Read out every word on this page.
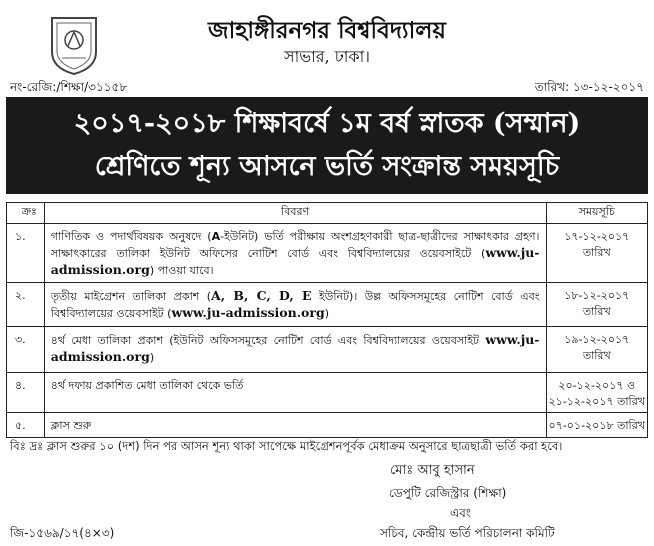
জাহাঙ্গীরনগর বিশ্ববিদ্যালয়
সাভার, ঢাকা।
নং-রেজি:/শিক্ষা/৩১১৫৮	তারিখ: ১৩-১২-২০১৭
২০১৭-২০১৮ শিক্ষাবর্ষে ১ম বর্ষ স্নাতক (সম্মান)
শ্রেণিতে শূন্য আসনে ভর্তি সংক্রান্ত সময়সূচি
ক্রঃ	বিবরণ	সময়সূচি
১.	গাণিতিক ও পদার্থবিষয়ক অনুষদে (A-ইউনিট) ভর্তি পরীক্ষায় অংশগ্রহণকারী ছাত্র-ছাত্রীদের সাক্ষাৎকার গ্রহণ। সাক্ষাৎকারের তালিকা ইউনিট অফিসের নোটিশ বোর্ড এবং বিশ্ববিদ্যালয়ের ওয়েবসাইটে (www.ju-admission.org) পাওয়া যাবে।	১৭-১২-২০১৭
তারিখ

২.	তৃতীয় মাইগ্রেশন তালিকা প্রকাশ (A, B, C, D, E ইউনিট)। উল্ল অফিসসমূহের নোটিশ বোর্ড এবং বিশ্ববিদ্যালয়ের ওয়েবসাইট (www.ju-admission.org)	১৮-১২-২০১৭
তারিখ

৩.	৪র্থ মেধা তালিকা প্রকাশ (ইউনিট অফিসসমূহের নোটিশ বোর্ড এবং বিশ্ববিদ্যালয়ের ওয়েবসাইট www.ju-admission.org)	১৯-১২-২০১৭
তারিখ

৪.	৪র্থ দফায় প্রকাশিত মেধা তালিকা থেকে ভর্তি	২০-১২-২০১৭ ও
২১-১২-২০১৭ তারিখ

৫.	ক্লাস শুরু	০৭-০১-২০১৮ তারিখ
বিঃ দ্রঃ ক্লাস শুরুর ১০ (দশ) দিন পর আসন শূন্য থাকা সাপেক্ষে মাইগ্রেশনপূর্বক মেধাক্রম অনুসারে ছাত্রছাত্রী ভর্তি করা হবে।
মোঃ আবু হাসান
ডেপুটি রেজিস্ট্রার (শিক্ষা)
এবং
সচিব, কেন্দ্রীয় ভর্তি পরিচালনা কমিটি
জি-১৫৬৯/১৭(৪×৩)
